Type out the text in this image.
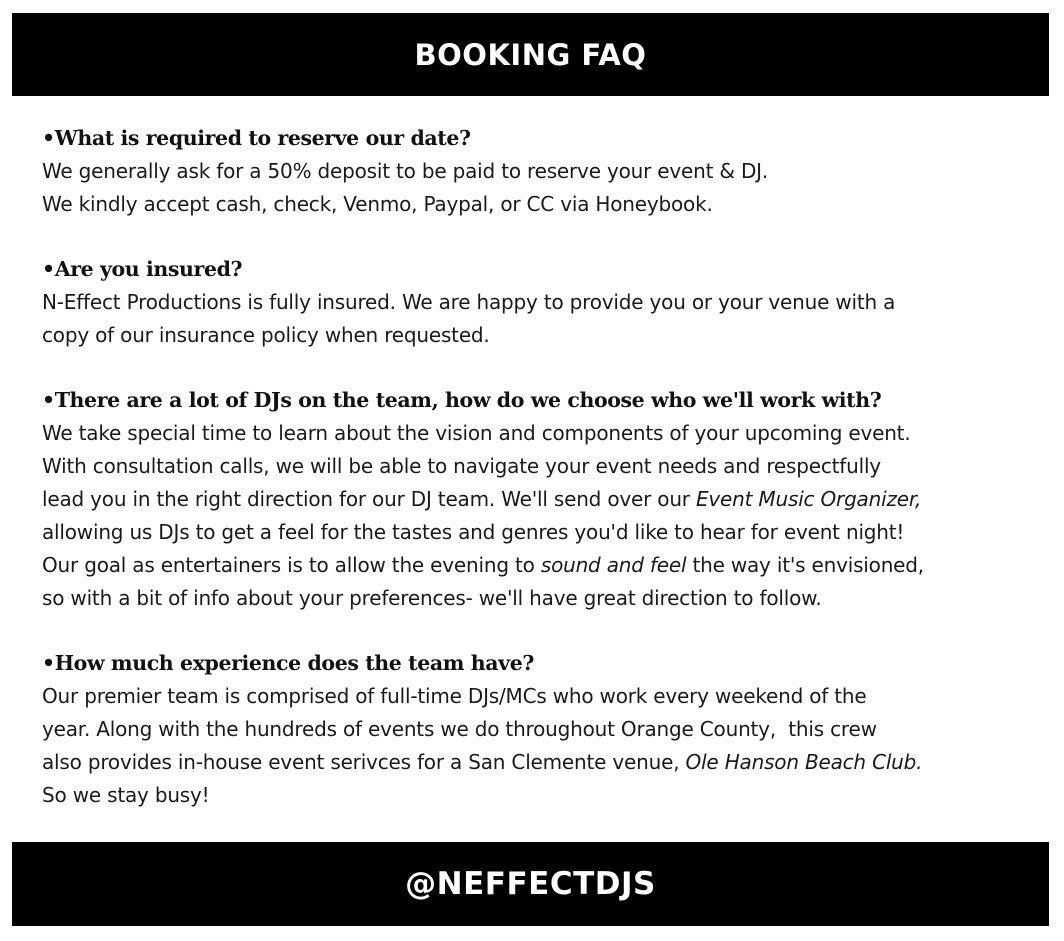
BOOKING FAQ
•What is required to reserve our date?
We generally ask for a 50% deposit to be paid to reserve your event & DJ.
We kindly accept cash, check, Venmo, Paypal, or CC via Honeybook.
•Are you insured?
N-Effect Productions is fully insured. We are happy to provide you or your venue with a
copy of our insurance policy when requested.
•There are a lot of DJs on the team, how do we choose who we'll work with?
We take special time to learn about the vision and components of your upcoming event.
With consultation calls, we will be able to navigate your event needs and respectfully
lead you in the right direction for our DJ team. We'll send over our Event Music Organizer,
allowing us DJs to get a feel for the tastes and genres you'd like to hear for event night!
Our goal as entertainers is to allow the evening to sound and feel the way it's envisioned,
so with a bit of info about your preferences- we'll have great direction to follow.
•How much experience does the team have?
Our premier team is comprised of full-time DJs/MCs who work every weekend of the
year. Along with the hundreds of events we do throughout Orange County,  this crew
also provides in-house event serivces for a San Clemente venue, Ole Hanson Beach Club.
So we stay busy!
@NEFFECTDJS
